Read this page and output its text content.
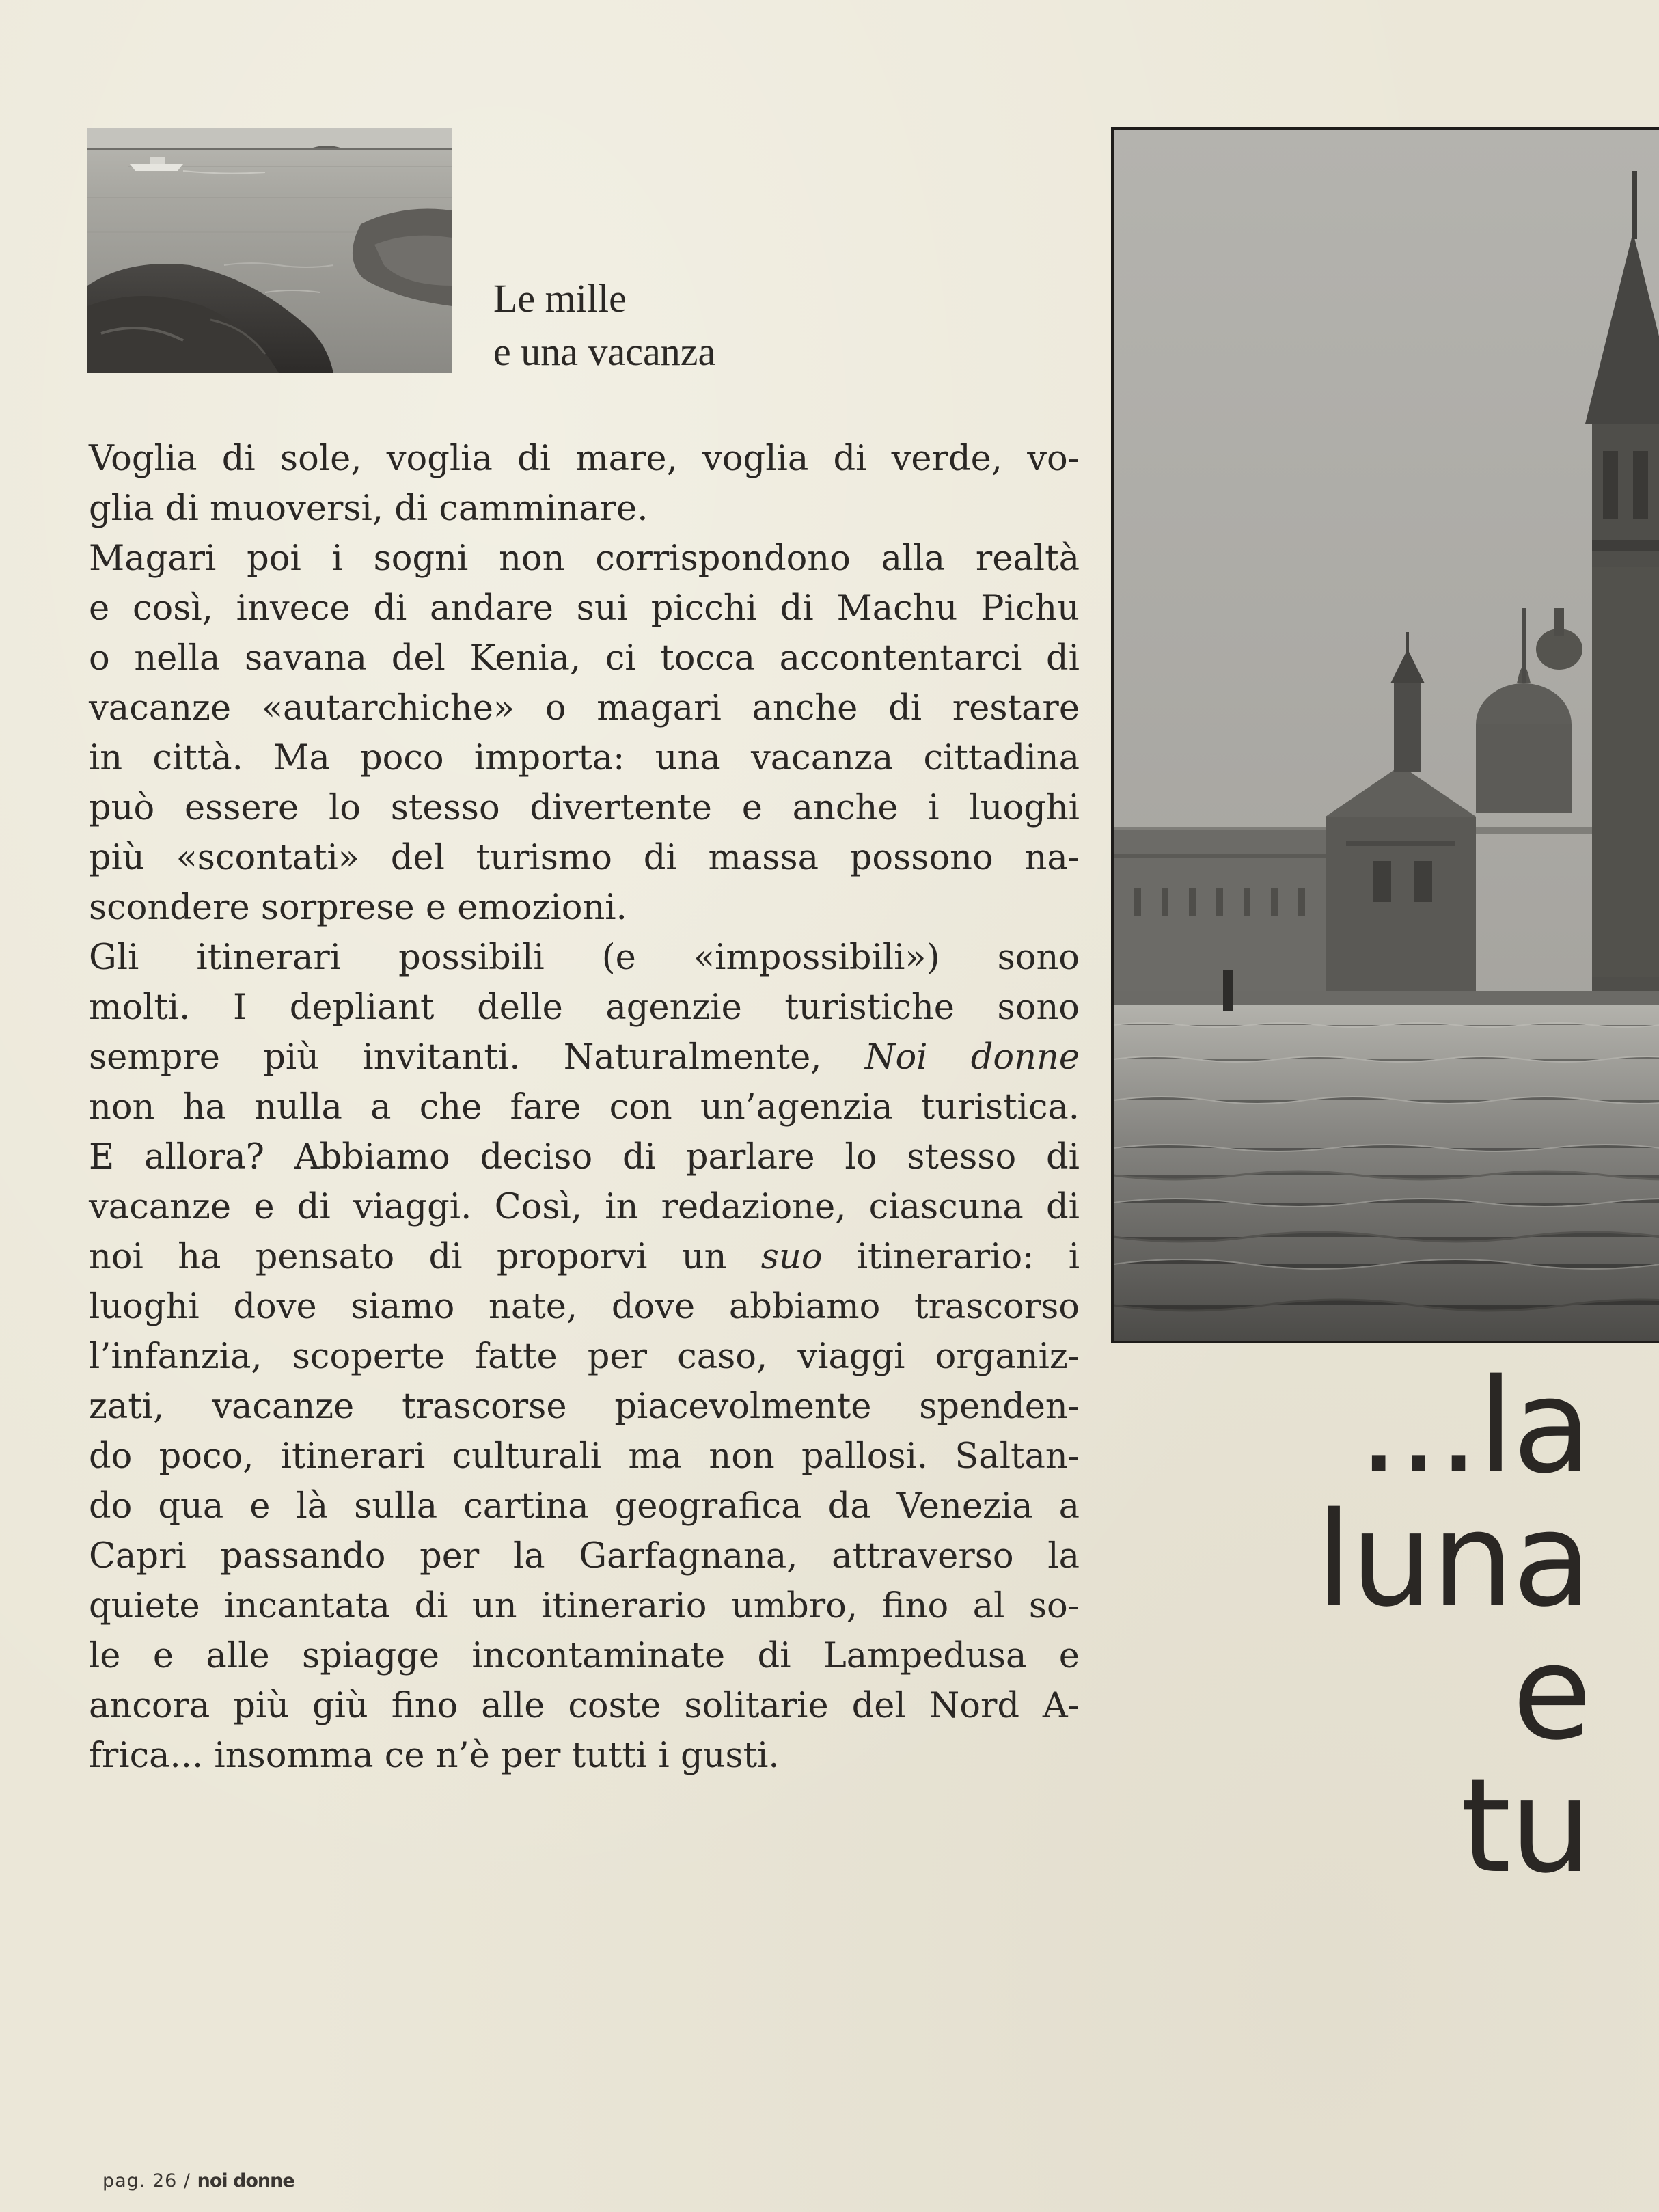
Le mille
e una vacanza
Voglia di sole, voglia di mare, voglia di verde, vo-
glia di muoversi, di camminare.
Magari poi i sogni non corrispondono alla realtà
e così, invece di andare sui picchi di Machu Pichu
o nella savana del Kenia, ci tocca accontentarci di
vacanze «autarchiche» o magari anche di restare
in città. Ma poco importa: una vacanza cittadina
può essere lo stesso divertente e anche i luoghi
più «scontati» del turismo di massa possono na-
scondere sorprese e emozioni.
Gli itinerari possibili (e «impossibili») sono
molti. I depliant delle agenzie turistiche sono
sempre più invitanti. Naturalmente, Noi donne
non ha nulla a che fare con un’agenzia turistica.
E allora? Abbiamo deciso di parlare lo stesso di
vacanze e di viaggi. Così, in redazione, ciascuna di
noi ha pensato di proporvi un suo itinerario: i
luoghi dove siamo nate, dove abbiamo trascorso
l’infanzia, scoperte fatte per caso, viaggi organiz-
zati, vacanze trascorse piacevolmente spenden-
do poco, itinerari culturali ma non pallosi. Saltan-
do qua e là sulla cartina geografica da Venezia a
Capri passando per la Garfagnana, attraverso la
quiete incantata di un itinerario umbro, fino al so-
le e alle spiagge incontaminate di Lampedusa e
ancora più giù fino alle coste solitarie del Nord A-
frica... insomma ce n’è per tutti i gusti.
...la
luna
e
tu
pag. 26 / noi donne
